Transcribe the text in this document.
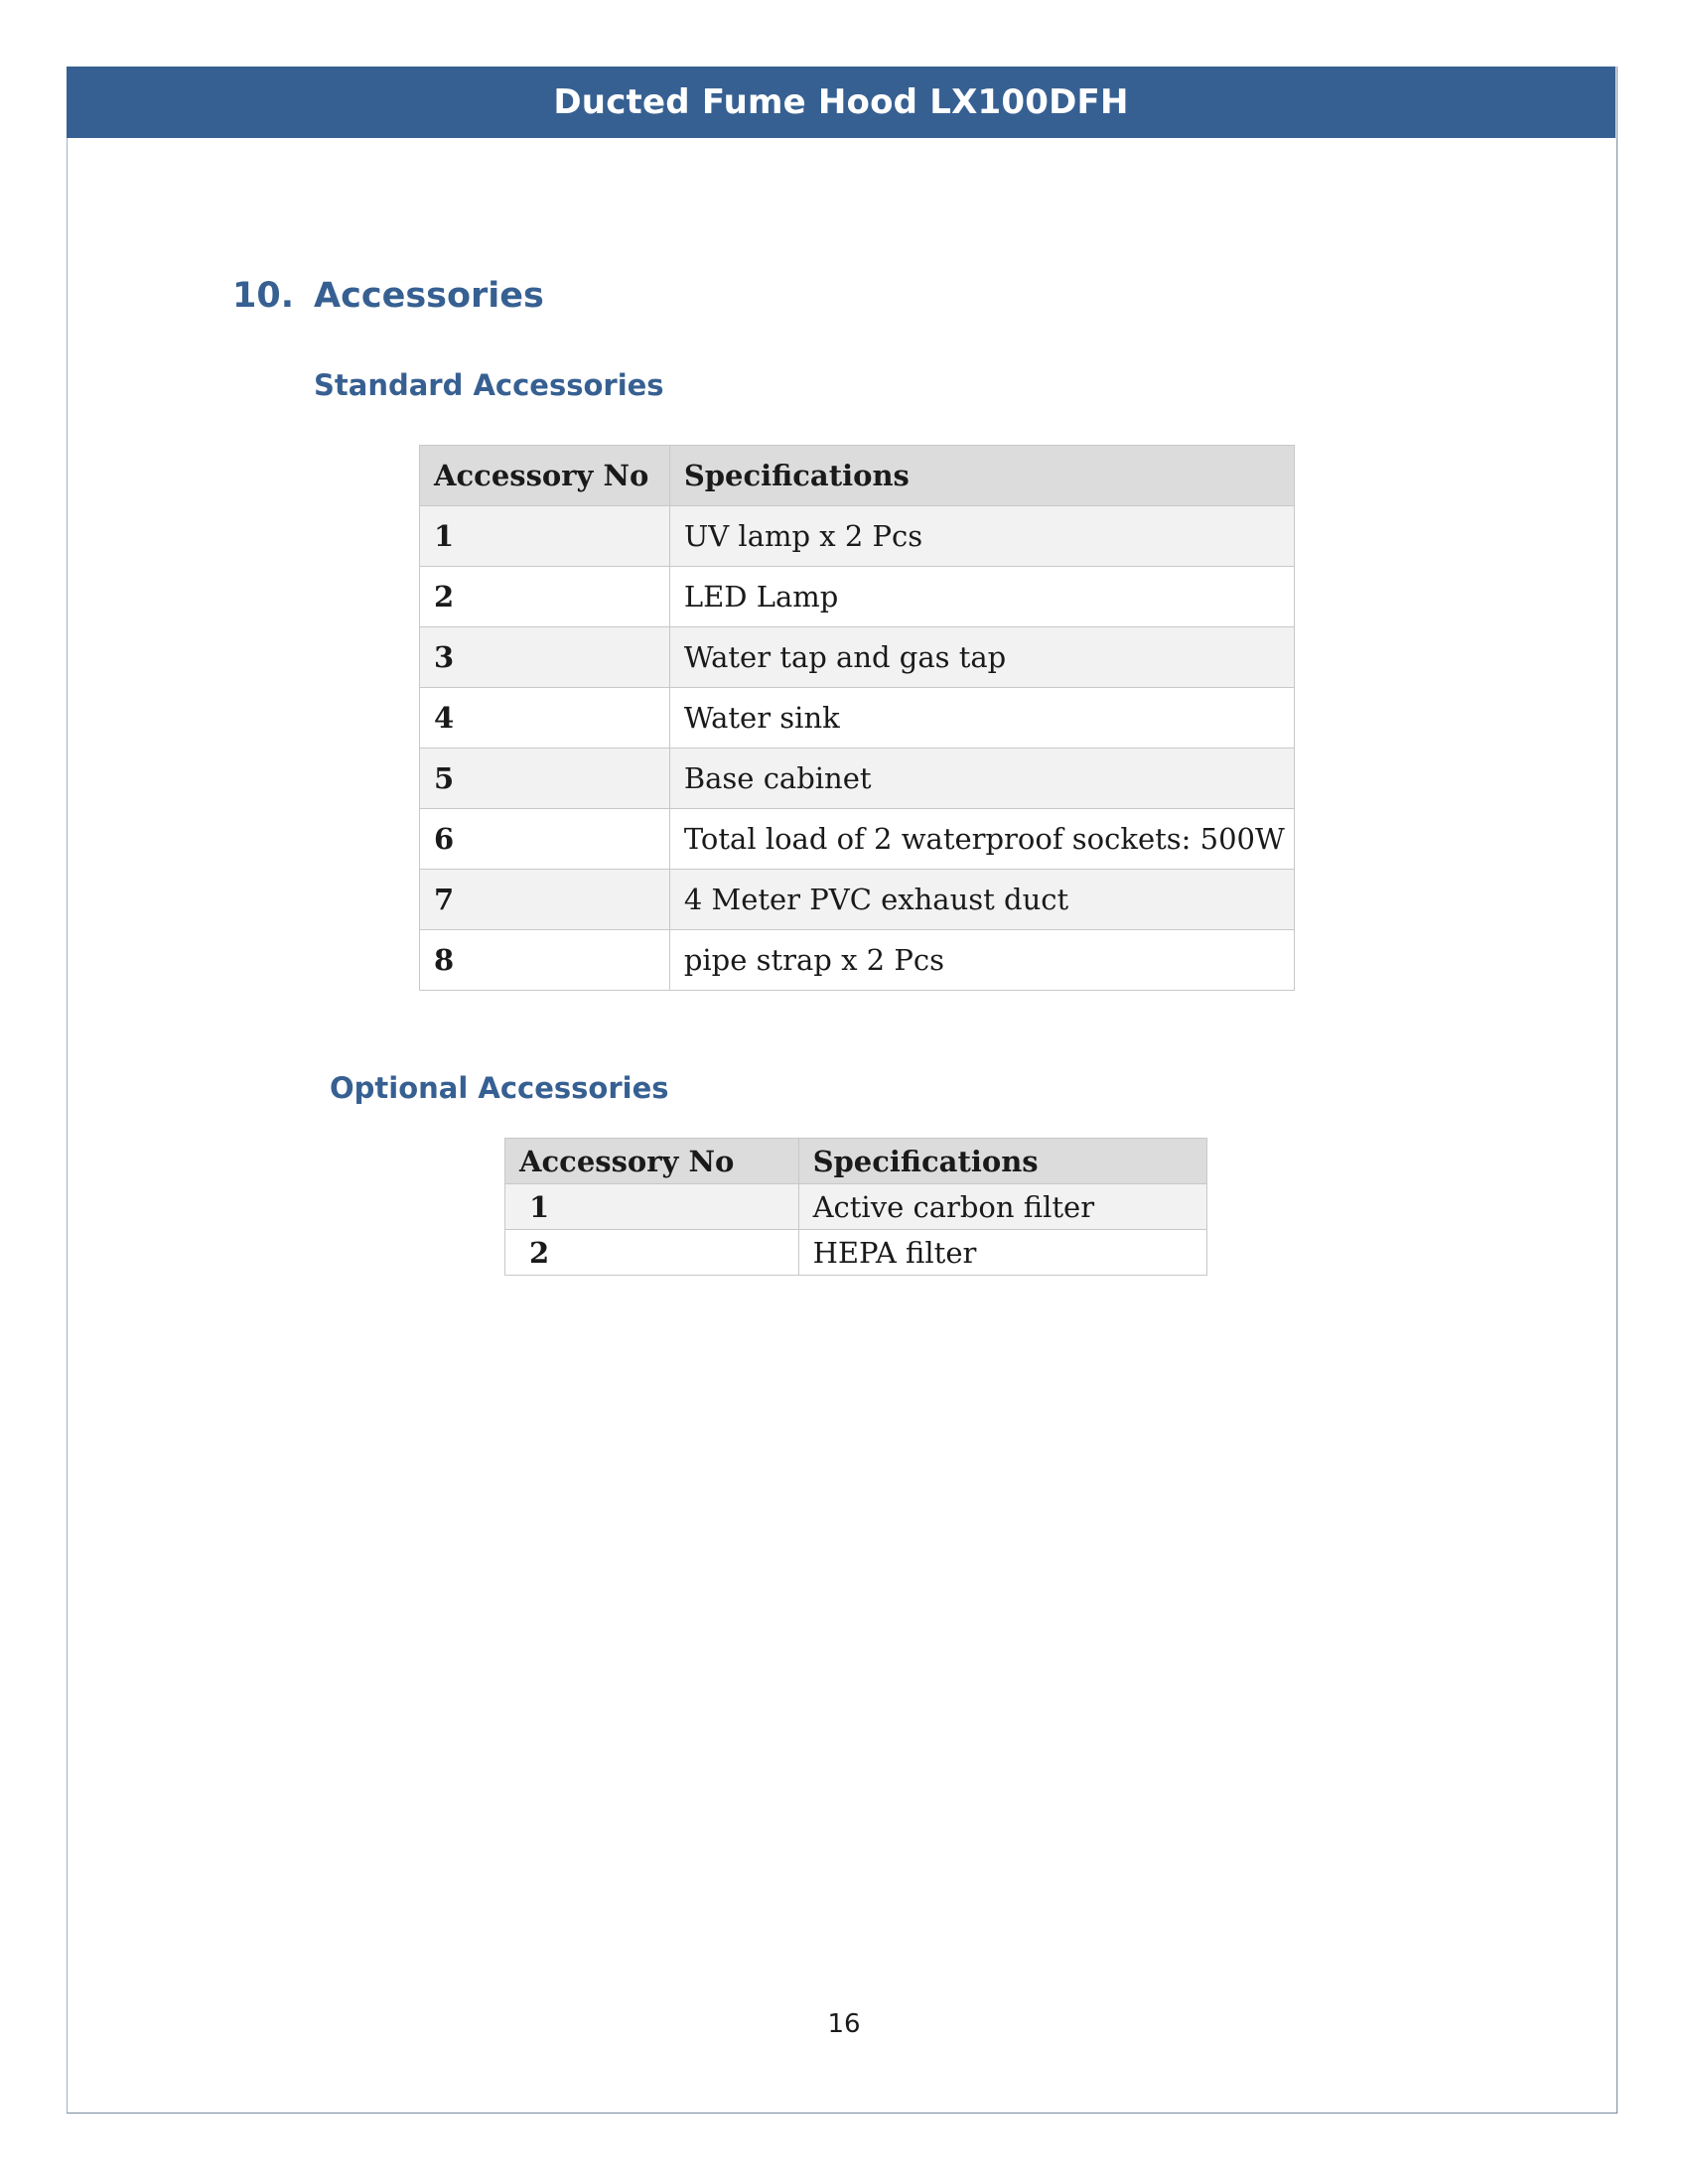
Ducted Fume Hood LX100DFH
10. Accessories
Standard Accessories
Accessory No	Specifications
1	UV lamp x 2 Pcs
2	LED Lamp
3	Water tap and gas tap
4	Water sink
5	Base cabinet
6	Total load of 2 waterproof sockets: 500W
7	4 Meter PVC exhaust duct
8	pipe strap x 2 Pcs
Optional Accessories
Accessory No	Specifications
1	Active carbon filter
2	HEPA filter
16
